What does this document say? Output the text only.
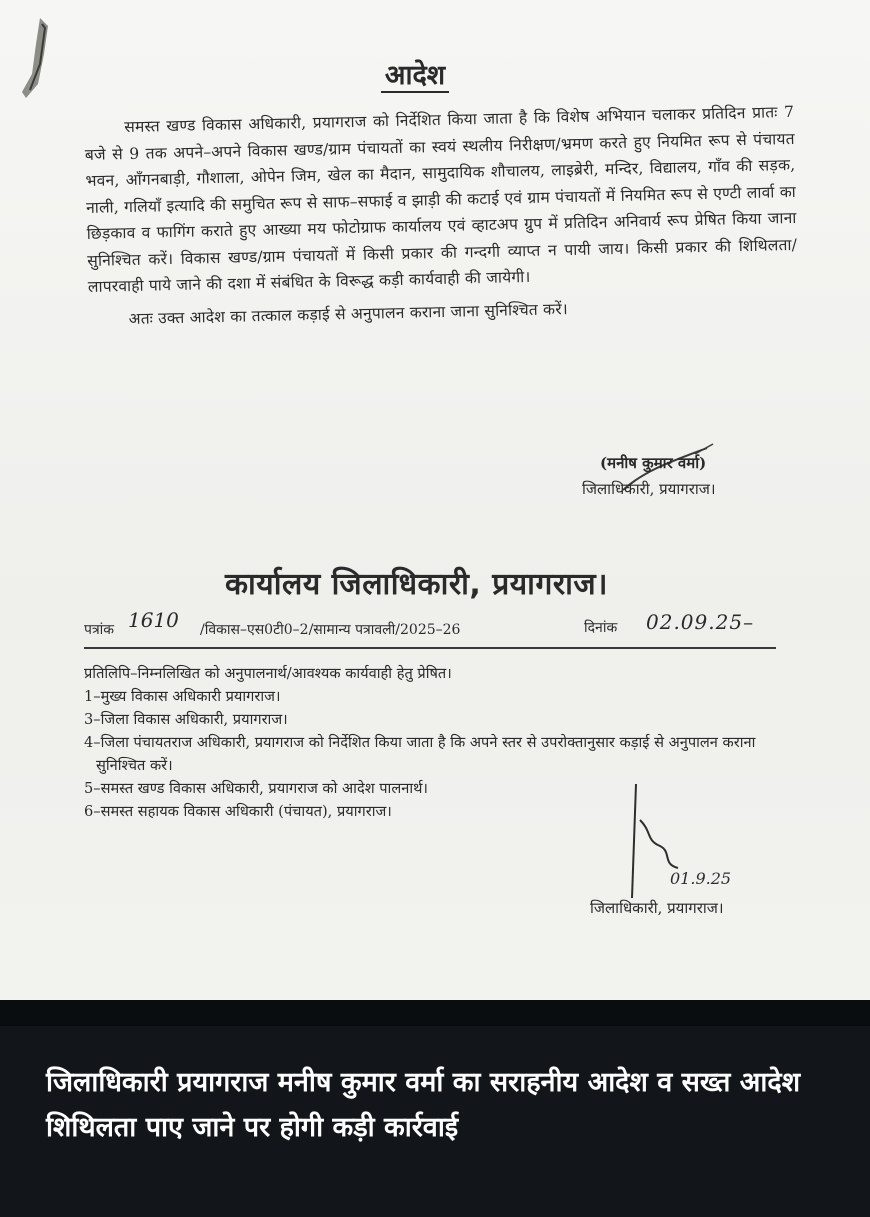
आदेश

समस्त खण्ड विकास अधिकारी, प्रयागराज को निर्देशित किया जाता है कि विशेष अभियान चलाकर प्रतिदिन प्रातः 7 बजे से 9 तक अपने–अपने विकास खण्ड/ग्राम पंचायतों का स्वयं स्थलीय निरीक्षण/भ्रमण करते हुए नियमित रूप से पंचायत भवन, आँगनबाड़ी, गौशाला, ओपेन जिम, खेल का मैदान, सामुदायिक शौचालय, लाइब्रेरी, मन्दिर, विद्यालय, गाँव की सड़क, नाली, गलियाँ इत्यादि की समुचित रूप से साफ–सफाई व झाड़ी की कटाई एवं ग्राम पंचायतों में नियमित रूप से एण्टी लार्वा का छिड़काव व फागिंग कराते हुए आख्या मय फोटोग्राफ कार्यालय एवं व्हाटअप ग्रुप में प्रतिदिन अनिवार्य रूप प्रेषित किया जाना सुनिश्चित करें। विकास खण्ड/ग्राम पंचायतों में किसी प्रकार की गन्दगी व्याप्त न पायी जाय। किसी प्रकार की शिथिलता/लापरवाही पाये जाने की दशा में संबंधित के विरूद्ध कड़ी कार्यवाही की जायेगी।

अतः उक्त आदेश का तत्काल कड़ाई से अनुपालन कराना जाना सुनिश्चित करें।

(मनीष कुमार वर्मा)
जिलाधिकारी, प्रयागराज।
कार्यालय जिलाधिकारी, प्रयागराज।
पत्रांक 1610 /विकास–एस0टी0–2/सामान्य पत्रावली/2025–26	दिनांक 02.09.25–
प्रतिलिपि–निम्नलिखित को अनुपालनार्थ/आवश्यक कार्यवाही हेतु प्रेषित।
1–मुख्य विकास अधिकारी प्रयागराज।
3–जिला विकास अधिकारी, प्रयागराज।
4–जिला पंचायतराज अधिकारी, प्रयागराज को निर्देशित किया जाता है कि अपने स्तर से उपरोक्तानुसार कड़ाई से अनुपालन कराना सुनिश्चित करें।
5–समस्त खण्ड विकास अधिकारी, प्रयागराज को आदेश पालनार्थ।
6–समस्त सहायक विकास अधिकारी (पंचायत), प्रयागराज।
01.9.25
जिलाधिकारी, प्रयागराज।
जिलाधिकारी प्रयागराज मनीष कुमार वर्मा का सराहनीय आदेश व सख्त आदेश शिथिलता पाए जाने पर होगी कड़ी कार्रवाई
